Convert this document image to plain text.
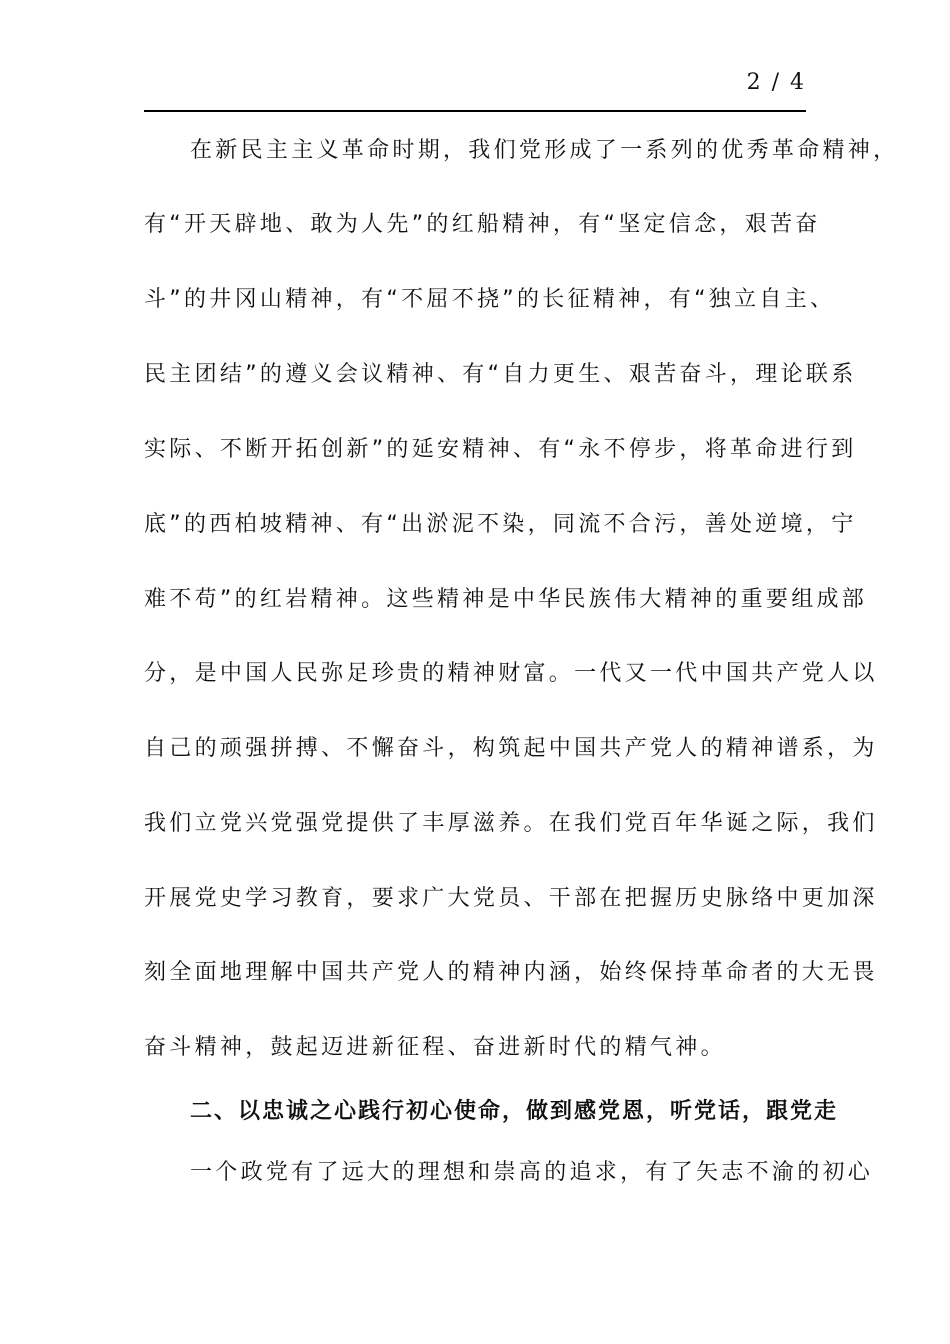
2 / 4
在新民主主义革命时期，我们党形成了一系列的优秀革命精神，
有“开天辟地、敢为人先”的红船精神，有“坚定信念，艰苦奋
斗”的井冈山精神，有“不屈不挠”的长征精神，有“独立自主、
民主团结”的遵义会议精神、有“自力更生、艰苦奋斗，理论联系
实际、不断开拓创新”的延安精神、有“永不停步，将革命进行到
底”的西柏坡精神、有“出淤泥不染，同流不合污，善处逆境，宁
难不苟”的红岩精神。这些精神是中华民族伟大精神的重要组成部
分，是中国人民弥足珍贵的精神财富。一代又一代中国共产党人以
自己的顽强拼搏、不懈奋斗，构筑起中国共产党人的精神谱系，为
我们立党兴党强党提供了丰厚滋养。在我们党百年华诞之际，我们
开展党史学习教育，要求广大党员、干部在把握历史脉络中更加深
刻全面地理解中国共产党人的精神内涵，始终保持革命者的大无畏
奋斗精神，鼓起迈进新征程、奋进新时代的精气神。
二、以忠诚之心践行初心使命，做到感党恩，听党话，跟党走
一个政党有了远大的理想和崇高的追求，有了矢志不渝的初心
